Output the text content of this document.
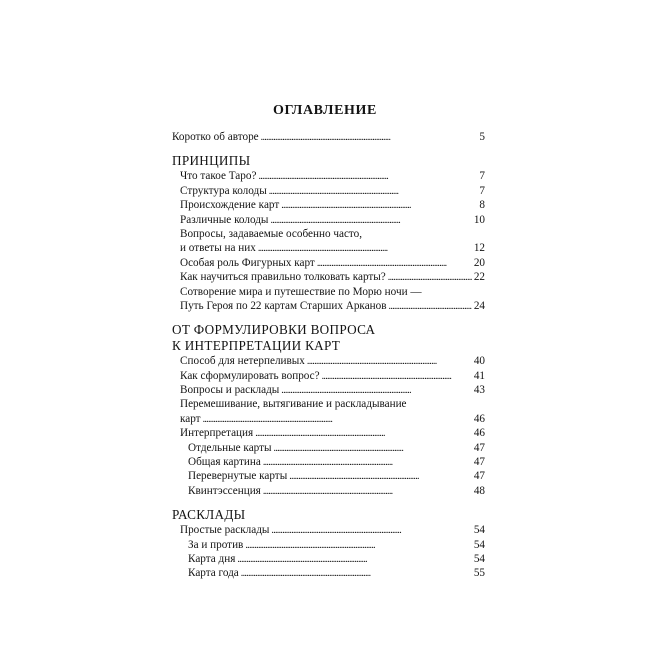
ОГЛАВЛЕНИЕ
Коротко об авторе . . .	5
ПРИНЦИПЫ
Что такое Таро? . . .	7
Структура колоды . . .	7
Происхождение карт . . .	8
Различные колоды . . .	10
Вопросы, задаваемые особенно часто,
и ответы на них . . .	12
Особая роль Фигурных карт . . .	20
Как научиться правильно толковать карты? . . .	22
Сотворение мира и путешествие по Морю ночи —
Путь Героя по 22 картам Старших Арканов . . .	24
ОТ ФОРМУЛИРОВКИ ВОПРОСА
К ИНТЕРПРЕТАЦИИ КАРТ
Способ для нетерпеливых . . .	40
Как сформулировать вопрос? . . .	41
Вопросы и расклады . . .	43
Перемешивание, вытягивание и раскладывание
карт . . .	46
Интерпретация . . .	46
Отдельные карты . . .	47
Общая картина . . .	47
Перевернутые карты . . .	47
Квинтэссенция . . .	48
РАСКЛАДЫ
Простые расклады . . .	54
За и против . . .	54
Карта дня . . .	54
Карта года . . .	55
